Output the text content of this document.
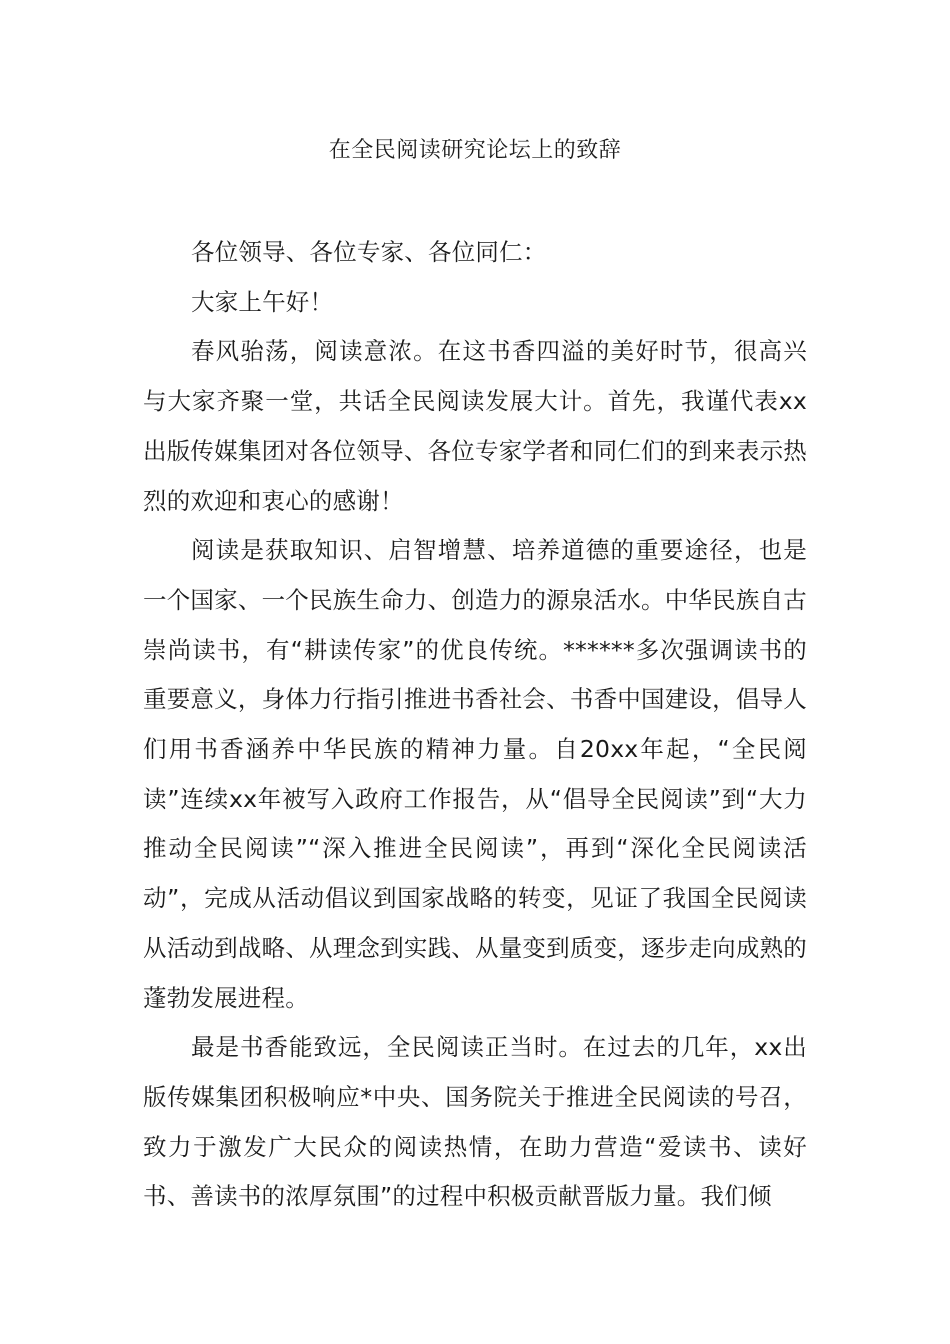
在全民阅读研究论坛上的致辞

各位领导、各位专家、各位同仁：

大家上午好！

春风骀荡，阅读意浓。在这书香四溢的美好时节，很高兴与大家齐聚一堂，共话全民阅读发展大计。首先，我谨代表xx出版传媒集团对各位领导、各位专家学者和同仁们的到来表示热烈的欢迎和衷心的感谢！

阅读是获取知识、启智增慧、培养道德的重要途径，也是一个国家、一个民族生命力、创造力的源泉活水。中华民族自古崇尚读书，有“耕读传家”的优良传统。******多次强调读书的重要意义，身体力行指引推进书香社会、书香中国建设，倡导人们用书香涵养中华民族的精神力量。自20xx年起，“全民阅读”连续xx年被写入政府工作报告，从“倡导全民阅读”到“大力推动全民阅读”“深入推进全民阅读”，再到“深化全民阅读活动”，完成从活动倡议到国家战略的转变，见证了我国全民阅读从活动到战略、从理念到实践、从量变到质变，逐步走向成熟的蓬勃发展进程。

最是书香能致远，全民阅读正当时。在过去的几年，xx出版传媒集团积极响应*中央、国务院关于推进全民阅读的号召，致力于激发广大民众的阅读热情，在助力营造“爱读书、读好书、善读书的浓厚氛围”的过程中积极贡献晋版力量。我们倾
